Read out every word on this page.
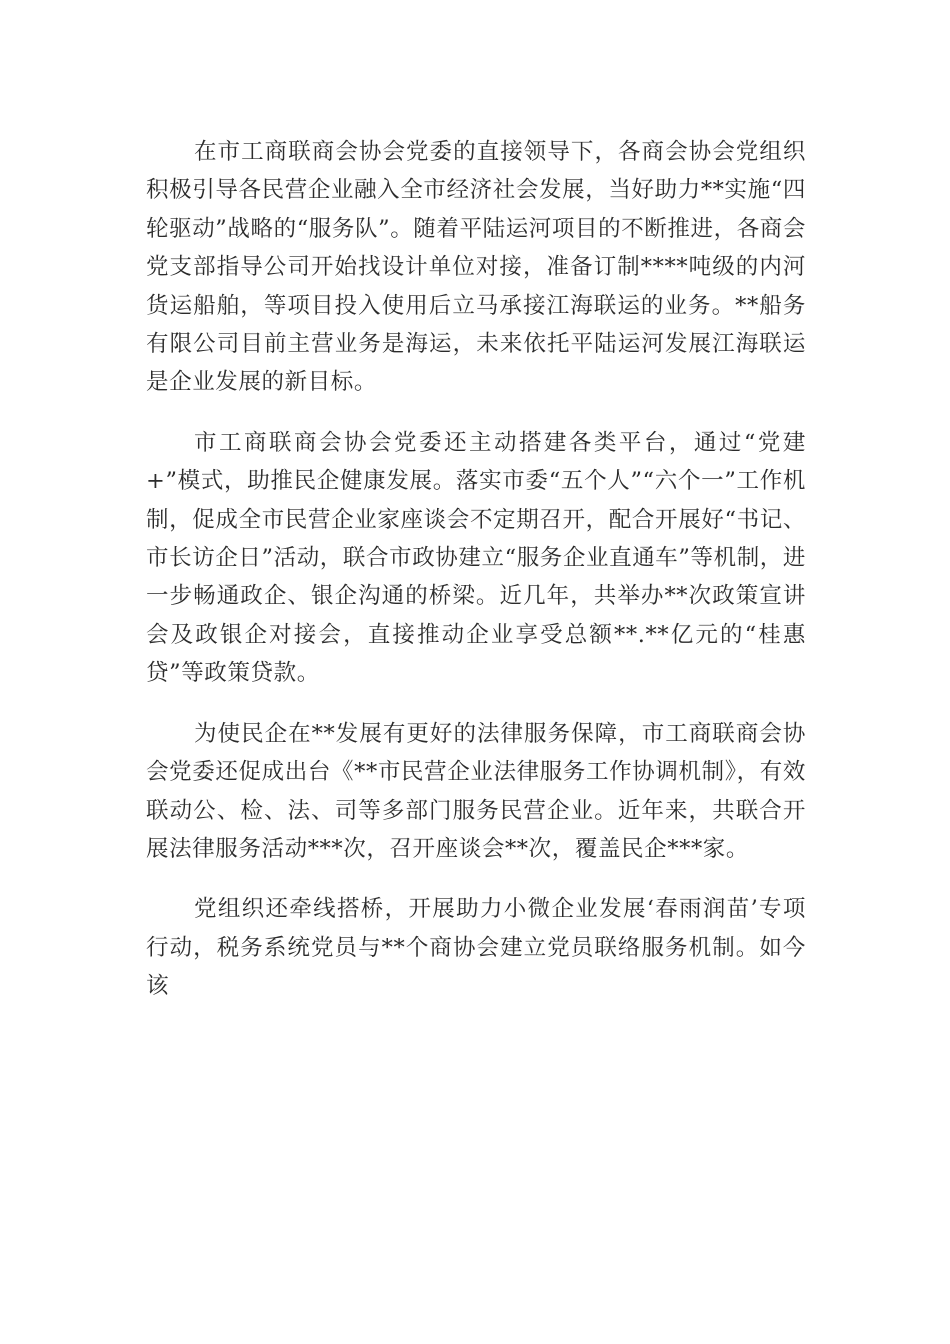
在市工商联商会协会党委的直接领导下，各商会协会党组织积极引导各民营企业融入全市经济社会发展，当好助力**实施“四轮驱动”战略的“服务队”。随着平陆运河项目的不断推进，各商会党支部指导公司开始找设计单位对接，准备订制****吨级的内河货运船舶，等项目投入使用后立马承接江海联运的业务。**船务有限公司目前主营业务是海运，未来依托平陆运河发展江海联运是企业发展的新目标。

市工商联商会协会党委还主动搭建各类平台，通过“党建+”模式，助推民企健康发展。落实市委“五个人”“六个一”工作机制，促成全市民营企业家座谈会不定期召开，配合开展好“书记、市长访企日”活动，联合市政协建立“服务企业直通车”等机制，进一步畅通政企、银企沟通的桥梁。近几年，共举办**次政策宣讲会及政银企对接会，直接推动企业享受总额**.**亿元的“桂惠贷”等政策贷款。

为使民企在**发展有更好的法律服务保障，市工商联商会协会党委还促成出台《**市民营企业法律服务工作协调机制》，有效联动公、检、法、司等多部门服务民营企业。近年来，共联合开展法律服务活动***次，召开座谈会**次，覆盖民企***家。

党组织还牵线搭桥，开展助力小微企业发展‘春雨润苗’专项行动，税务系统党员与**个商协会建立党员联络服务机制。如今该
